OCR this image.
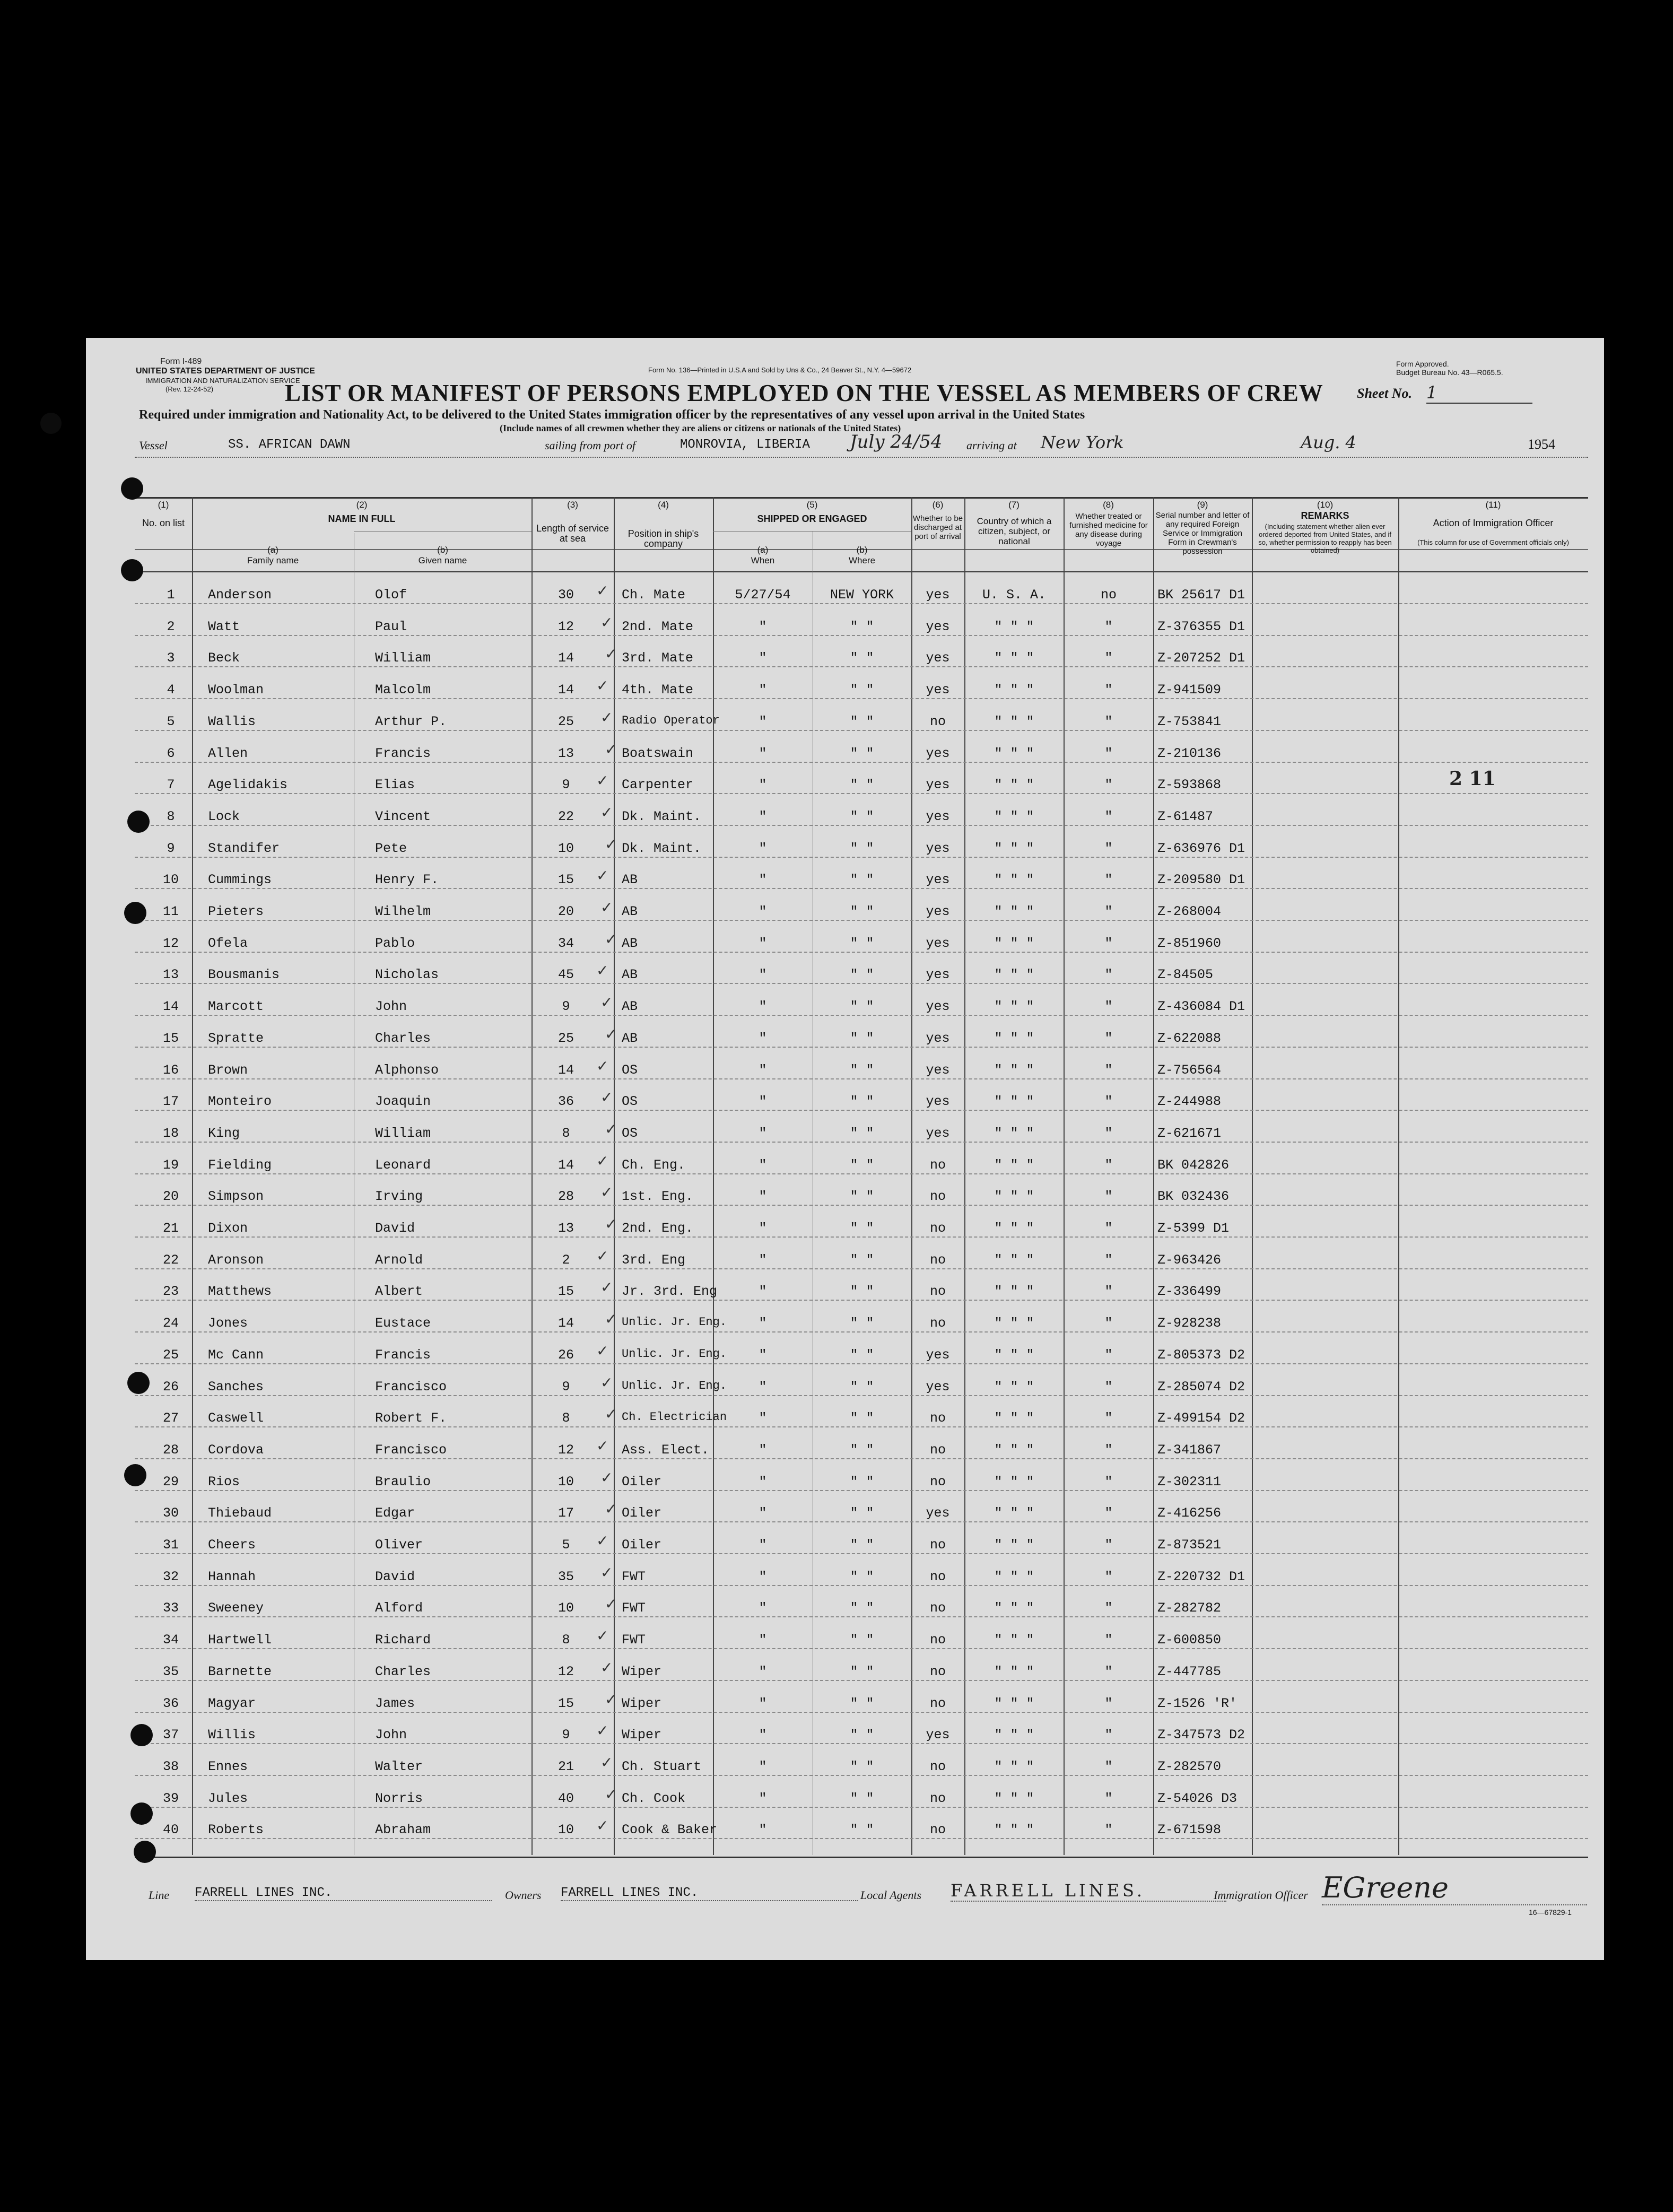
Form I-489
UNITED STATES DEPARTMENT OF JUSTICE
IMMIGRATION AND NATURALIZATION SERVICE
(Rev. 12-24-52)
Form No. 136—Printed in U.S.A and Sold by Uns & Co., 24 Beaver St., N.Y. 4—59672
Form Approved.
Budget Bureau No. 43—R065.5.
LIST OR MANIFEST OF PERSONS EMPLOYED ON THE VESSEL AS MEMBERS OF CREW Sheet No. 1
Required under immigration and Nationality Act, to be delivered to the United States immigration officer by the representatives of any vessel upon arrival in the United States
(Include names of all crewmen whether they are aliens or citizens or nationals of the United States)
Vessel	SS. AFRICAN DAWN	sailing from port of	MONROVIA, LIBERIA July 24/54 arriving at New York	Aug. 4	1954
(1)
No. on list
(2)
NAME IN FULL
(a)
Family name
(b)
Given name
(3)
Length of service at sea
(4)
Position in ship's company
(5)
SHIPPED OR ENGAGED
(a)
When
(b)
Where
(6)
Whether to be discharged at port of arrival
(7)
Country of which a citizen, subject, or national
(8)
Whether treated or furnished medicine for any disease during voyage
(9)
Serial number and letter of any required Foreign Service or Immigration Form in Crewman's possession
(10)
REMARKS
(Including statement whether alien ever ordered deported from United States, and if so, whether permission to reapply has been obtained)
(11)
Action of Immigration Officer
(This column for use of Government officials only)
1	Anderson	Olof	30	Ch. Mate	5/27/54	NEW YORK	yes	U. S. A.	no	BK 25617 D1
✓
2	Watt	Paul	12	2nd. Mate	"	" "	yes	" " "	"	Z-376355 D1
✓
3	Beck	William	14	3rd. Mate	"	" "	yes	" " "	"	Z-207252 D1
✓
4	Woolman	Malcolm	14	4th. Mate	"	" "	yes	" " "	"	Z-941509
✓
5	Wallis	Arthur P.	25	Radio Operator	"	" "	no	" " "	"	Z-753841
✓
6	Allen	Francis	13	Boatswain	"	" "	yes	" " "	"	Z-210136
✓
7	Agelidakis	Elias	9	Carpenter	"	" "	yes	" " "	"	Z-593868
✓
8	Lock	Vincent	22	Dk. Maint.	"	" "	yes	" " "	"	Z-61487
✓
9	Standifer	Pete	10	Dk. Maint.	"	" "	yes	" " "	"	Z-636976 D1
✓
10	Cummings	Henry F.	15	AB	"	" "	yes	" " "	"	Z-209580 D1
✓
11	Pieters	Wilhelm	20	AB	"	" "	yes	" " "	"	Z-268004
✓
12	Ofela	Pablo	34	AB	"	" "	yes	" " "	"	Z-851960
✓
13	Bousmanis	Nicholas	45	AB	"	" "	yes	" " "	"	Z-84505
✓
14	Marcott	John	9	AB	"	" "	yes	" " "	"	Z-436084 D1
✓
15	Spratte	Charles	25	AB	"	" "	yes	" " "	"	Z-622088
✓
16	Brown	Alphonso	14	OS	"	" "	yes	" " "	"	Z-756564
✓
17	Monteiro	Joaquin	36	OS	"	" "	yes	" " "	"	Z-244988
✓
18	King	William	8	OS	"	" "	yes	" " "	"	Z-621671
✓
19	Fielding	Leonard	14	Ch. Eng.	"	" "	no	" " "	"	BK 042826
✓
20	Simpson	Irving	28	1st. Eng.	"	" "	no	" " "	"	BK 032436
✓
21	Dixon	David	13	2nd. Eng.	"	" "	no	" " "	"	Z-5399 D1
✓
22	Aronson	Arnold	2	3rd. Eng	"	" "	no	" " "	"	Z-963426
✓
23	Matthews	Albert	15	Jr. 3rd. Eng	"	" "	no	" " "	"	Z-336499
✓
24	Jones	Eustace	14	Unlic. Jr. Eng.	"	" "	no	" " "	"	Z-928238
✓
25	Mc Cann	Francis	26	Unlic. Jr. Eng.	"	" "	yes	" " "	"	Z-805373 D2
✓
26	Sanches	Francisco	9	Unlic. Jr. Eng.	"	" "	yes	" " "	"	Z-285074 D2
✓
27	Caswell	Robert F.	8	Ch. Electrician	"	" "	no	" " "	"	Z-499154 D2
✓
28	Cordova	Francisco	12	Ass. Elect.	"	" "	no	" " "	"	Z-341867
✓
29	Rios	Braulio	10	Oiler	"	" "	no	" " "	"	Z-302311
✓
30	Thiebaud	Edgar	17	Oiler	"	" "	yes	" " "	"	Z-416256
✓
31	Cheers	Oliver	5	Oiler	"	" "	no	" " "	"	Z-873521
✓
32	Hannah	David	35	FWT	"	" "	no	" " "	"	Z-220732 D1
✓
33	Sweeney	Alford	10	FWT	"	" "	no	" " "	"	Z-282782
✓
34	Hartwell	Richard	8	FWT	"	" "	no	" " "	"	Z-600850
✓
35	Barnette	Charles	12	Wiper	"	" "	no	" " "	"	Z-447785
✓
36	Magyar	James	15	Wiper	"	" "	no	" " "	"	Z-1526 'R'
✓
37	Willis	John	9	Wiper	"	" "	yes	" " "	"	Z-347573 D2
✓
38	Ennes	Walter	21	Ch. Stuart	"	" "	no	" " "	"	Z-282570
✓
39	Jules	Norris	40	Ch. Cook	"	" "	no	" " "	"	Z-54026 D3
✓
40	Roberts	Abraham	10	Cook & Baker	"	" "	no	" " "	"	Z-671598
✓
2 11
Line FARRELL LINES INC.	Owners FARRELL LINES INC.	Local Agents FARRELL LINES.	Immigration Officer EGreene
16—67829-1
